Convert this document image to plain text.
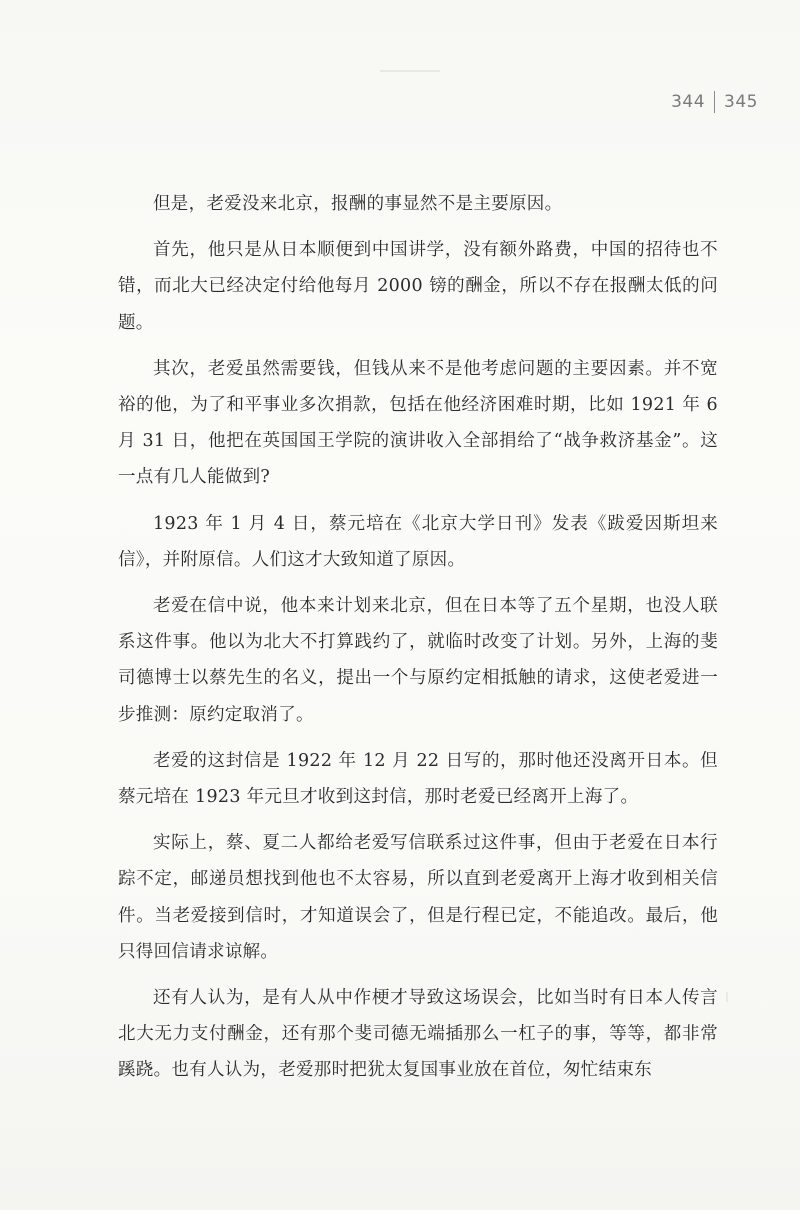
344 345

但是，老爱没来北京，报酬的事显然不是主要原因。

首先，他只是从日本顺便到中国讲学，没有额外路费，中国的招待也不错，而北大已经决定付给他每月 2000 镑的酬金，所以不存在报酬太低的问题。

其次，老爱虽然需要钱，但钱从来不是他考虑问题的主要因素。并不宽裕的他，为了和平事业多次捐款，包括在他经济困难时期，比如 1921 年 6 月 31 日，他把在英国国王学院的演讲收入全部捐给了“战争救济基金”。这一点有几人能做到?

1923 年 1 月 4 日，蔡元培在《北京大学日刊》发表《跋爱因斯坦来信》，并附原信。人们这才大致知道了原因。

老爱在信中说，他本来计划来北京，但在日本等了五个星期，也没人联系这件事。他以为北大不打算践约了，就临时改变了计划。另外，上海的斐司德博士以蔡先生的名义，提出一个与原约定相抵触的请求，这使老爱进一步推测：原约定取消了。

老爱的这封信是 1922 年 12 月 22 日写的，那时他还没离开日本。但蔡元培在 1923 年元旦才收到这封信，那时老爱已经离开上海了。

实际上，蔡、夏二人都给老爱写信联系过这件事，但由于老爱在日本行踪不定，邮递员想找到他也不太容易，所以直到老爱离开上海才收到相关信件。当老爱接到信时，才知道误会了，但是行程已定，不能追改。最后，他只得回信请求谅解。

还有人认为，是有人从中作梗才导致这场误会，比如当时有日本人传言北大无力支付酬金，还有那个斐司德无端插那么一杠子的事，等等，都非常蹊跷。也有人认为，老爱那时把犹太复国事业放在首位，匆忙结束东
